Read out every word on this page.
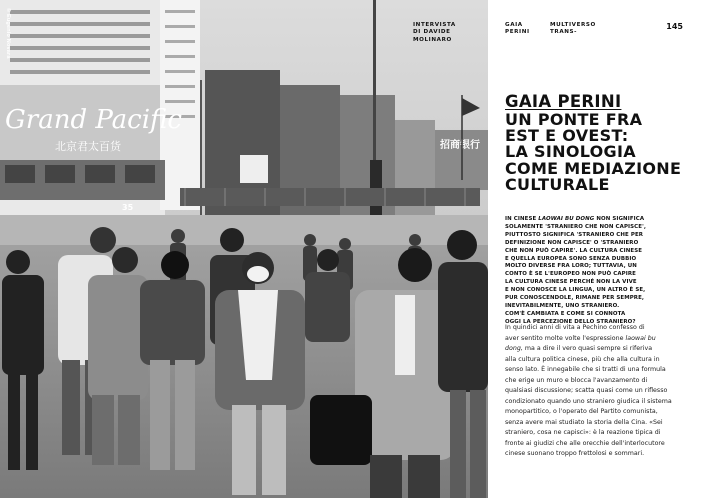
Grand Pacific
北京君太百货
35
招商银行
© Eugenio Novara	INTERVISTA
DI DAVIDE
MOLINARO
GAIA
PERINI
MULTIVERSO
TRANS-
145
GAIA PERINI
UN PONTE FRA
EST E OVEST:
LA SINOLOGIA
COME MEDIAZIONE
CULTURALE
IN CINESE LAOWAI BU DONG NON SIGNIFICA
SOLAMENTE 'STRANIERO CHE NON CAPISCE',
PIUTTOSTO SIGNIFICA 'STRANIERO CHE PER
DEFINIZIONE NON CAPISCE' O 'STRANIERO
CHE NON PUÒ CAPIRE'. LA CULTURA CINESE
E QUELLA EUROPEA SONO SENZA DUBBIO
MOLTO DIVERSE FRA LORO; TUTTAVIA, UN
CONTO È SE L'EUROPEO NON PUÒ CAPIRE
LA CULTURA CINESE PERCHÉ NON LA VIVE
E NON CONOSCE LA LINGUA, UN ALTRO È SE,
PUR CONOSCENDOLE, RIMANE PER SEMPRE,
INEVITABILMENTE, UNO STRANIERO.
COM'È CAMBIATA E COME SI CONNOTA
OGGI LA PERCEZIONE DELLO STRANIERO?
In quindici anni di vita a Pechino confesso di
aver sentito molte volte l'espressione laowai bu
dong, ma a dire il vero quasi sempre si riferiva
alla cultura politica cinese, più che alla cultura in
senso lato. È innegabile che si tratti di una formula
che erige un muro e blocca l'avanzamento di
qualsiasi discussione; scatta quasi come un riflesso
condizionato quando uno straniero giudica il sistema
monopartitico, o l'operato del Partito comunista,
senza avere mai studiato la storia della Cina. «Sei
straniero, cosa ne capisci»: è la reazione tipica di
fronte ai giudizi che alle orecchie dell'interlocutore
cinese suonano troppo frettolosi e sommari.
